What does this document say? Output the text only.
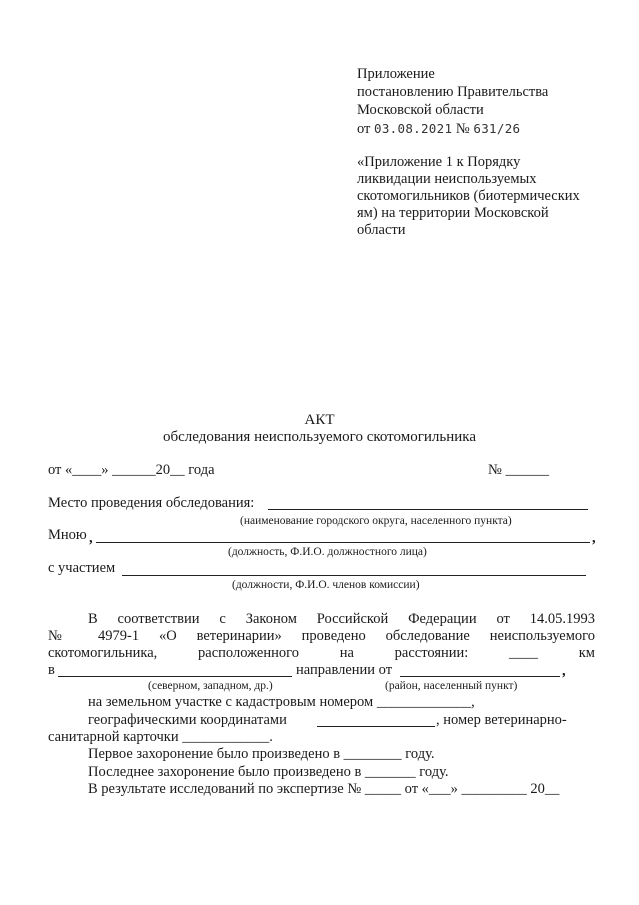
Приложение
постановлению Правительства
Московской области
от 03.08.2021 № 631/26
«Приложение 1 к Порядку
ликвидации неиспользуемых
скотомогильников (биотермических
ям) на территории Московской
области
АКТ
обследования неиспользуемого скотомогильника
от «____» ______20__ года	№ ______
Место проведения обследования:
(наименование городского округа, населенного пункта)
Мною ,	,
(должность, Ф.И.О. должностного лица)
с участием
(должности, Ф.И.О. членов комиссии)
В соответствии с Законом Российской Федерации от 14.05.1993
№ 4979-1 «О ветеринарии» проведено обследование неиспользуемого
скотомогильника, расположенного на расстоянии: ____ км
в	направлении от	,
(северном, западном, др.)	(район, населенный пункт)
на земельном участке с кадастровым номером _____________,
географическими координатами	, номер ветеринарно-
санитарной карточки ____________.
Первое захоронение было произведено в ________ году.
Последнее захоронение было произведено в _______ году.
В результате исследований по экспертизе № _____ от «___» _________ 20__
